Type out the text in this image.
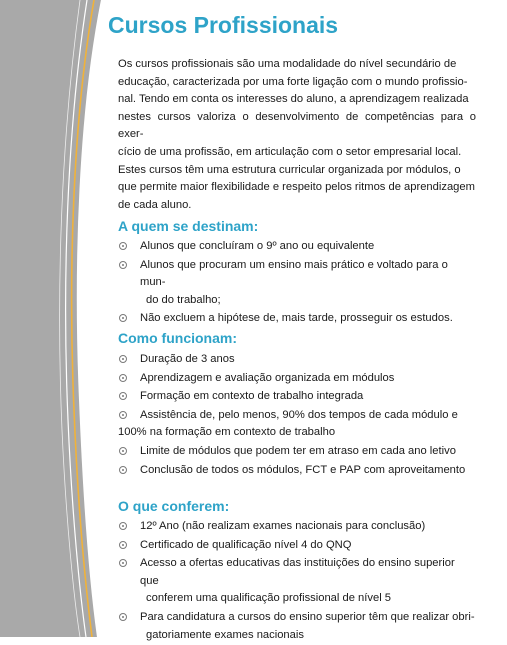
Cursos Profissionais

Os cursos profissionais são uma modalidade do nível secundário de
educação, caracterizada por uma forte ligação com o mundo profissio-
nal. Tendo em conta os interesses do aluno, a aprendizagem realizada
nestes cursos valoriza o desenvolvimento de competências para o exer-
cício de uma profissão, em articulação com o setor empresarial local.
Estes cursos têm uma estrutura curricular organizada por módulos, o
que permite maior flexibilidade e respeito pelos ritmos de aprendizagem
de cada aluno.

A quem se destinam:
Alunos que concluíram o 9º ano ou equivalente
Alunos que procuram um ensino mais prático e voltado para o mun-
do do trabalho;
Não excluem a hipótese de, mais tarde, prosseguir os estudos.
Como funcionam:
Duração de 3 anos
Aprendizagem e avaliação organizada em módulos
Formação em contexto de trabalho integrada
Assistência de, pelo menos, 90% dos tempos de cada módulo e
100% na formação em contexto de trabalho
Limite de módulos que podem ter em atraso em cada ano letivo
Conclusão de todos os módulos, FCT e PAP com aproveitamento
O que conferem:
12º Ano (não realizam exames nacionais para conclusão)
Certificado de qualificação nível 4 do QNQ
Acesso a ofertas educativas das instituições do ensino superior que
conferem uma qualificação profissional de nível 5
Para candidatura a cursos do ensino superior têm que realizar obri-
gatoriamente exames nacionais
